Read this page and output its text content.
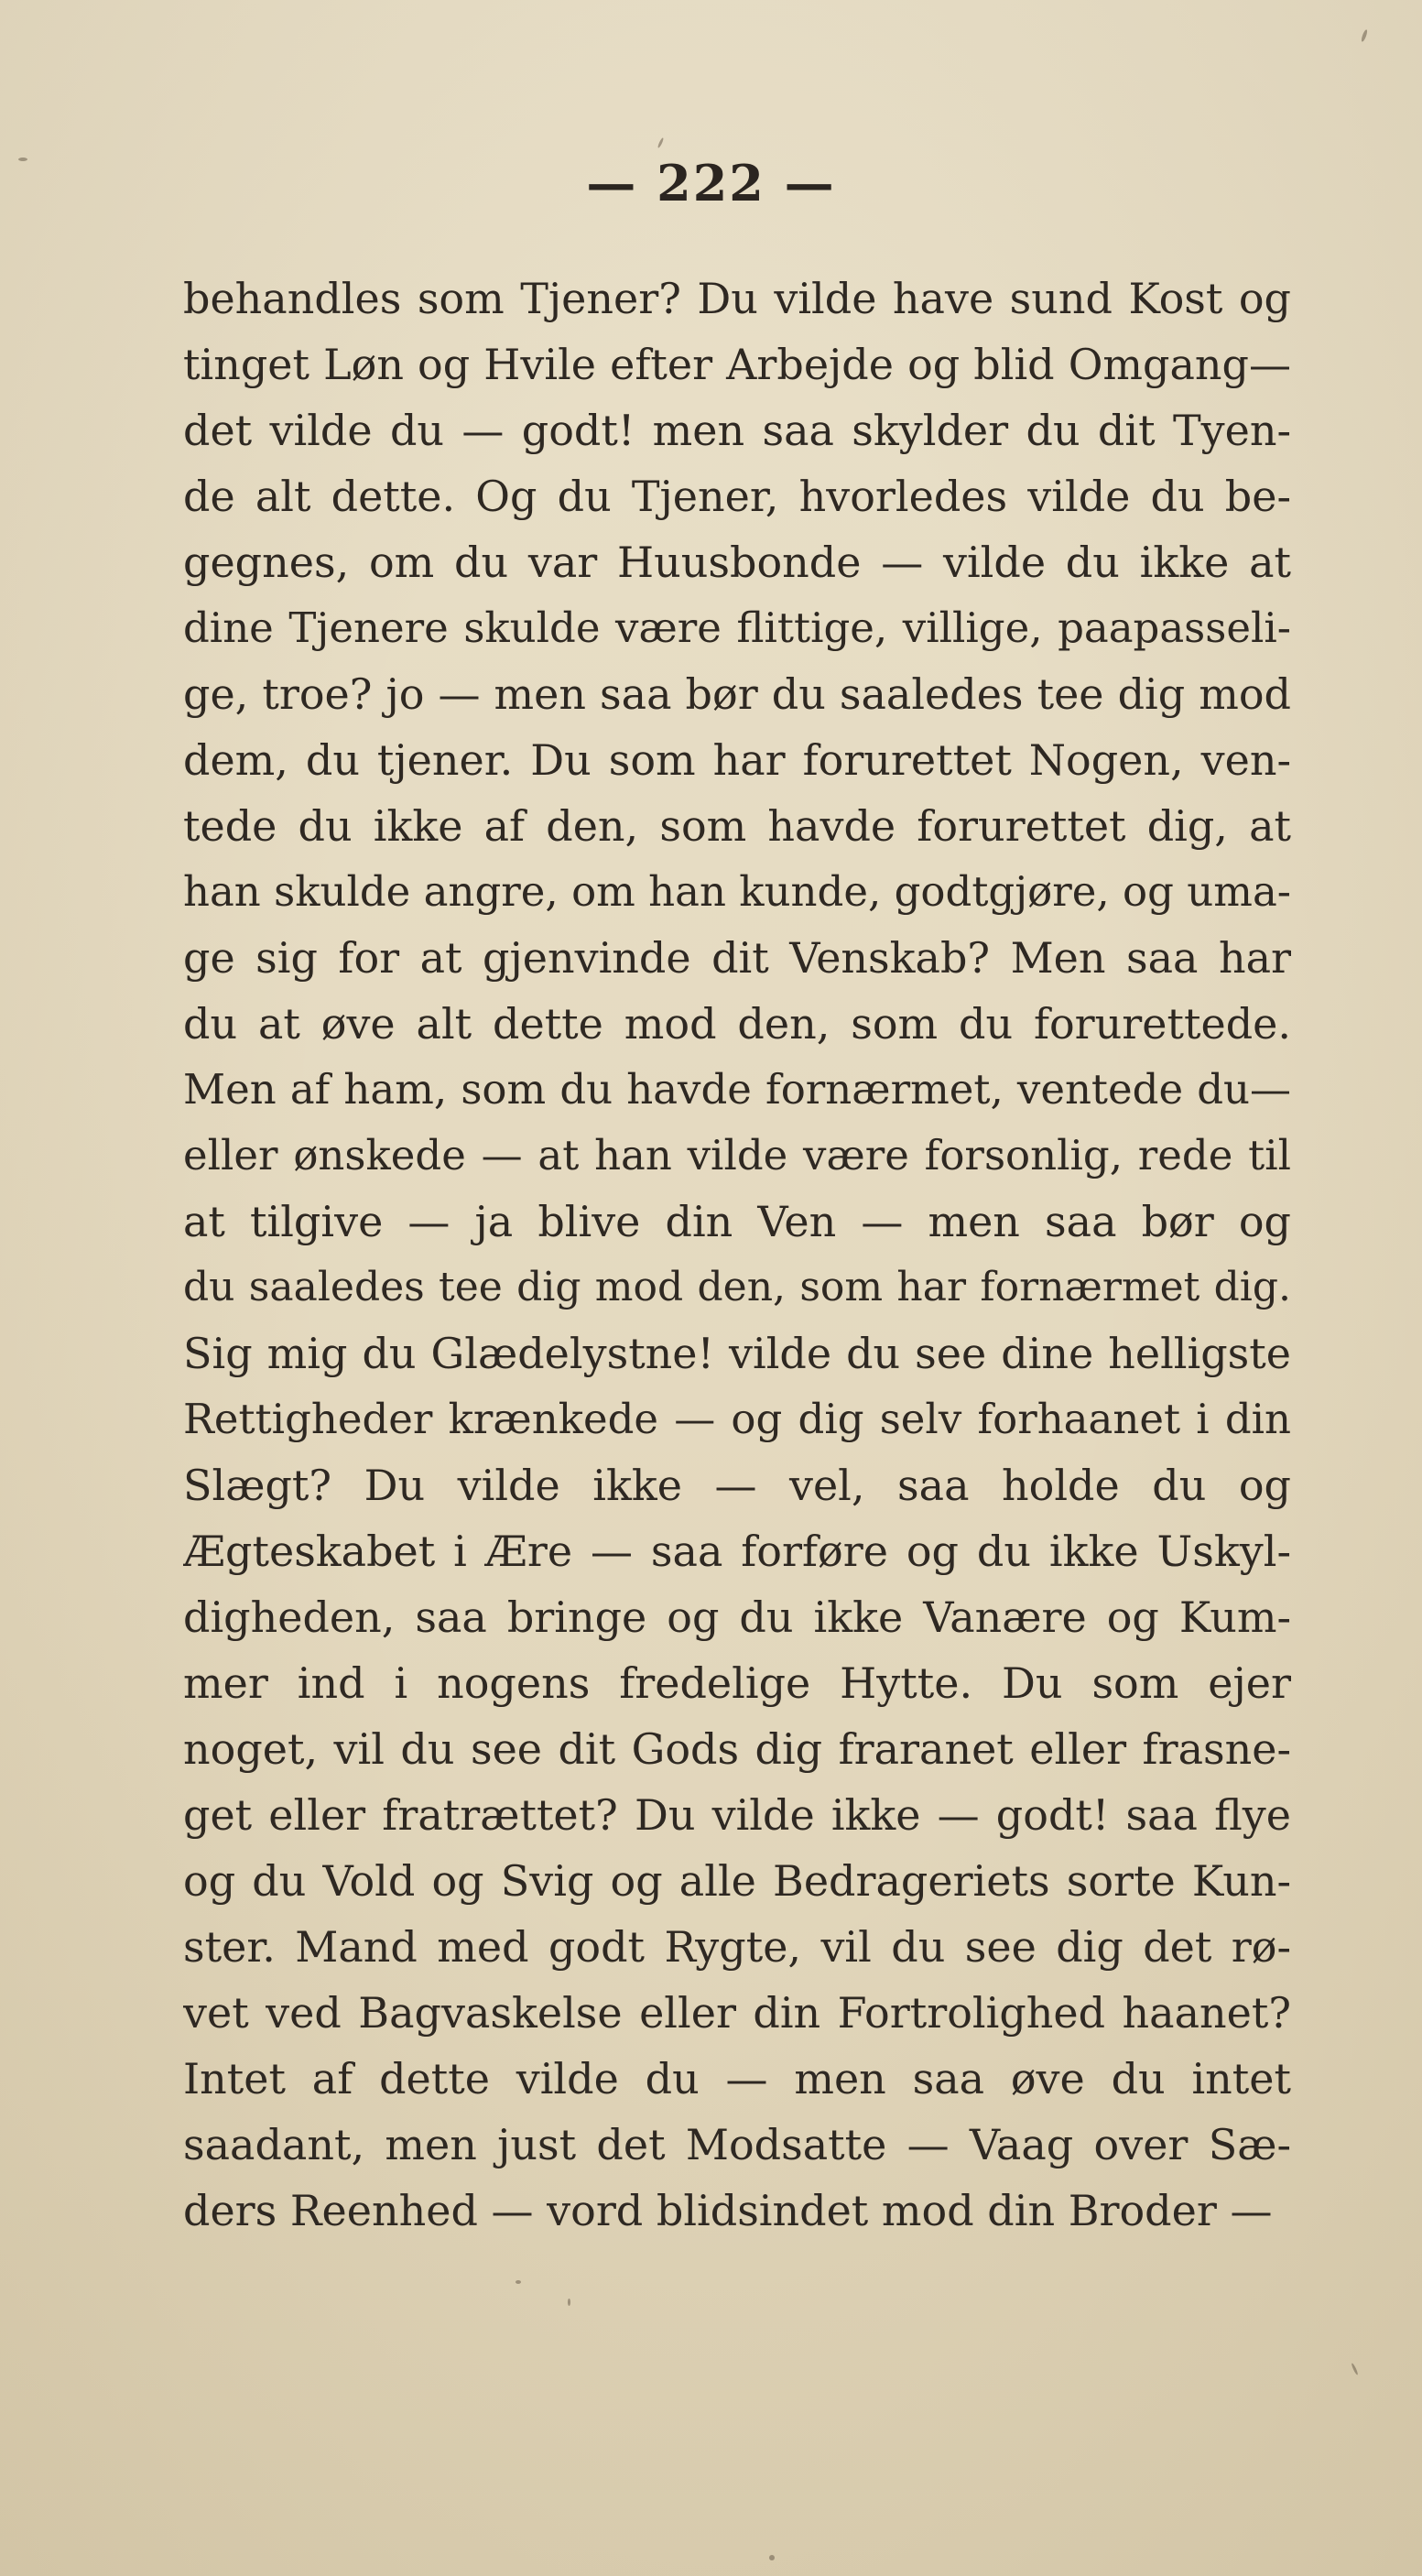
— 222 —
behandles som Tjener? Du vilde have sund Kost og
tinget Løn og Hvile efter Arbejde og blid Omgang—
det vilde du — godt! men saa skylder du dit Tyen-
de alt dette. Og du Tjener, hvorledes vilde du be-
gegnes, om du var Huusbonde — vilde du ikke at
dine Tjenere skulde være flittige, villige, paapasseli-
ge, troe? jo — men saa bør du saaledes tee dig mod
dem, du tjener. Du som har forurettet Nogen, ven-
tede du ikke af den, som havde forurettet dig, at
han skulde angre, om han kunde, godtgjøre, og uma-
ge sig for at gjenvinde dit Venskab? Men saa har
du at øve alt dette mod den, som du forurettede.
Men af ham, som du havde fornærmet, ventede du—
eller ønskede — at han vilde være forsonlig, rede til
at tilgive — ja blive din Ven — men saa bør og
du saaledes tee dig mod den, som har fornærmet dig.
Sig mig du Glædelystne! vilde du see dine helligste
Rettigheder krænkede — og dig selv forhaanet i din
Slægt? Du vilde ikke — vel, saa holde du og
Ægteskabet i Ære — saa forføre og du ikke Uskyl-
digheden, saa bringe og du ikke Vanære og Kum-
mer ind i nogens fredelige Hytte. Du som ejer
noget, vil du see dit Gods dig fraranet eller frasne-
get eller fratrættet? Du vilde ikke — godt! saa flye
og du Vold og Svig og alle Bedrageriets sorte Kun-
ster. Mand med godt Rygte, vil du see dig det rø-
vet ved Bagvaskelse eller din Fortrolighed haanet?
Intet af dette vilde du — men saa øve du intet
saadant, men just det Modsatte — Vaag over Sæ-
ders Reenhed — vord blidsindet mod din Broder —
